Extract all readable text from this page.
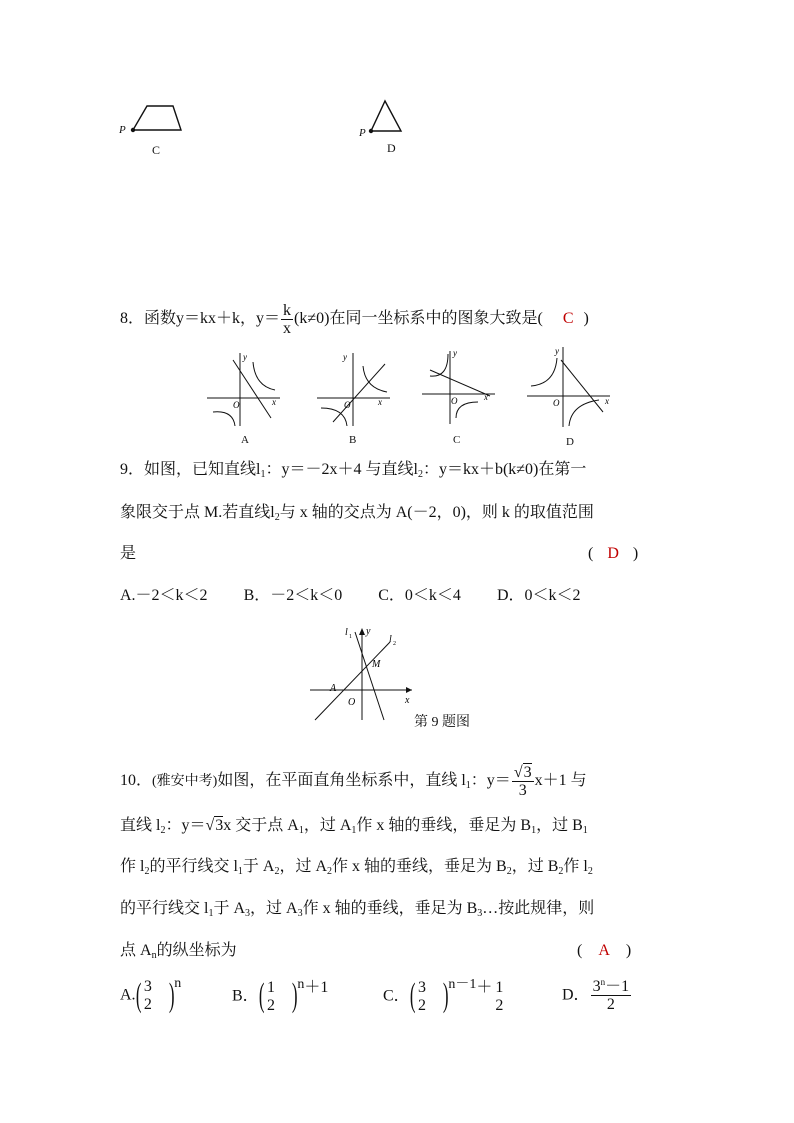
P
C
P
D
8．函数y＝kx＋k，$y= \frac{k}{x} (k\ne 0)$在同一坐标系中的图象大致是( C )
y
x
O
A
y
x
O
B
y
x
O
C
y
x
O
D
9．如图，已知直线$l_1$：y＝－2x＋4 与直线$l_2$：y＝kx＋b(k≠0)在第一
象限交于点 M.若直线$l_2$与 x 轴的交点为 A(－2，0)，则 k 的取值范围
是	( D )
A.－2＜k＜2 B．－2＜k＜0 C．0＜k＜4 D．0＜k＜2
l 1 y
l 2
M
A
O	x
第 9 题图
10．(雅安中考)如图，在平面直角坐标系中，直线 $l_1$：$y= \frac{√3}{3} x+1$ 与
直线 $l_2$：y＝√3x 交于点 $A_1$，过 $A_1$作 x 轴的垂线，垂足为 $B_1$，过 $B_1$
作 $l_2$的平行线交 $l_1$于 $A_2$，过 $A_2$作 x 轴的垂线，垂足为 $B_2$，过 $B_2$作 $l_2$
的平行线交 $l_1$于 $A_3$，过 $A_3$作 x 轴的垂线，垂足为 $B_3\dots$按此规律，则
点 $A_n$的纵坐标为	( A )
A.( 3
2 )$^n$
B．( 1
2 )$^n$＋1	C．( 3
2 )$^{n-1}$＋ 1
2
D． $\frac{3^n-1}{2}$
